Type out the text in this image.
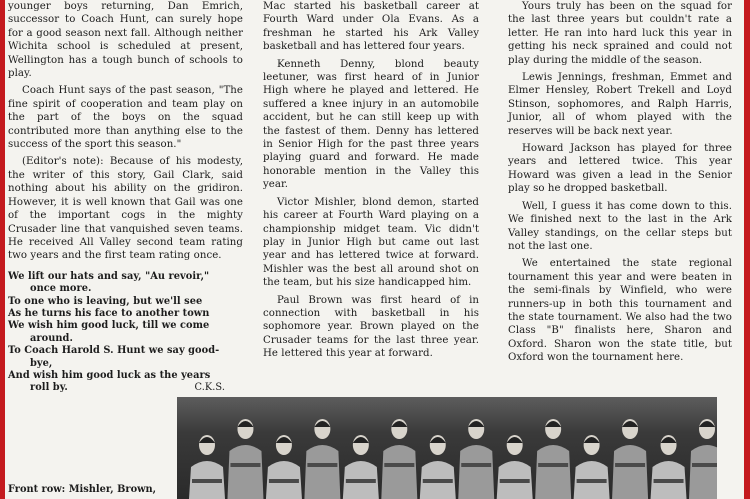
younger boys returning, Dan Emrich, successor to Coach Hunt, can surely hope for a good season next fall. Although neither Wichita school is scheduled at present, Wellington has a tough bunch of schools to play.

Coach Hunt says of the past season, "The fine spirit of cooperation and team play on the part of the boys on the squad contributed more than anything else to the success of the sport this season."

(Editor's note): Because of his modesty, the writer of this story, Gail Clark, said nothing about his ability on the gridiron. However, it is well known that Gail was one of the important cogs in the mighty Crusader line that vanquished seven teams. He received All Valley second team rating two years and the first team rating once.

We lift our hats and say, "Au revoir,"
once more.
To one who is leaving, but we'll see
As he turns his face to another town
We wish him good luck, till we come
around.
To Coach Harold S. Hunt we say good-
bye,
And wish him good luck as the years
roll by.	C.K.S.
Front row: Mishler, Brown,

Mac started his basketball career at Fourth Ward under Ola Evans. As a freshman he started his Ark Valley basketball and has lettered four years.

Kenneth Denny, blond beauty leetuner, was first heard of in Junior High where he played and lettered. He suffered a knee injury in an automobile accident, but he can still keep up with the fastest of them. Denny has lettered in Senior High for the past three years playing guard and forward. He made honorable mention in the Valley this year.

Victor Mishler, blond demon, started his career at Fourth Ward playing on a championship midget team. Vic didn't play in Junior High but came out last year and has lettered twice at forward. Mishler was the best all around shot on the team, but his size handicapped him.

Paul Brown was first heard of in connection with basketball in his sophomore year. Brown played on the Crusader teams for the last three year. He lettered this year at forward.

Yours truly has been on the squad for the last three years but couldn't rate a letter. He ran into hard luck this year in getting his neck sprained and could not play during the middle of the season.

Lewis Jennings, freshman, Emmet and Elmer Hensley, Robert Trekell and Loyd Stinson, sophomores, and Ralph Harris, Junior, all of whom played with the reserves will be back next year.

Howard Jackson has played for three years and lettered twice. This year Howard was given a lead in the Senior play so he dropped basketball.

Well, I guess it has come down to this. We finished next to the last in the Ark Valley standings, on the cellar steps but not the last one.

We entertained the state regional tournament this year and were beaten in the semi-finals by Winfield, who were runners-up in both this tournament and the state tournament. We also had the two Class "B" finalists here, Sharon and Oxford. Sharon won the state title, but Oxford won the tournament here.
